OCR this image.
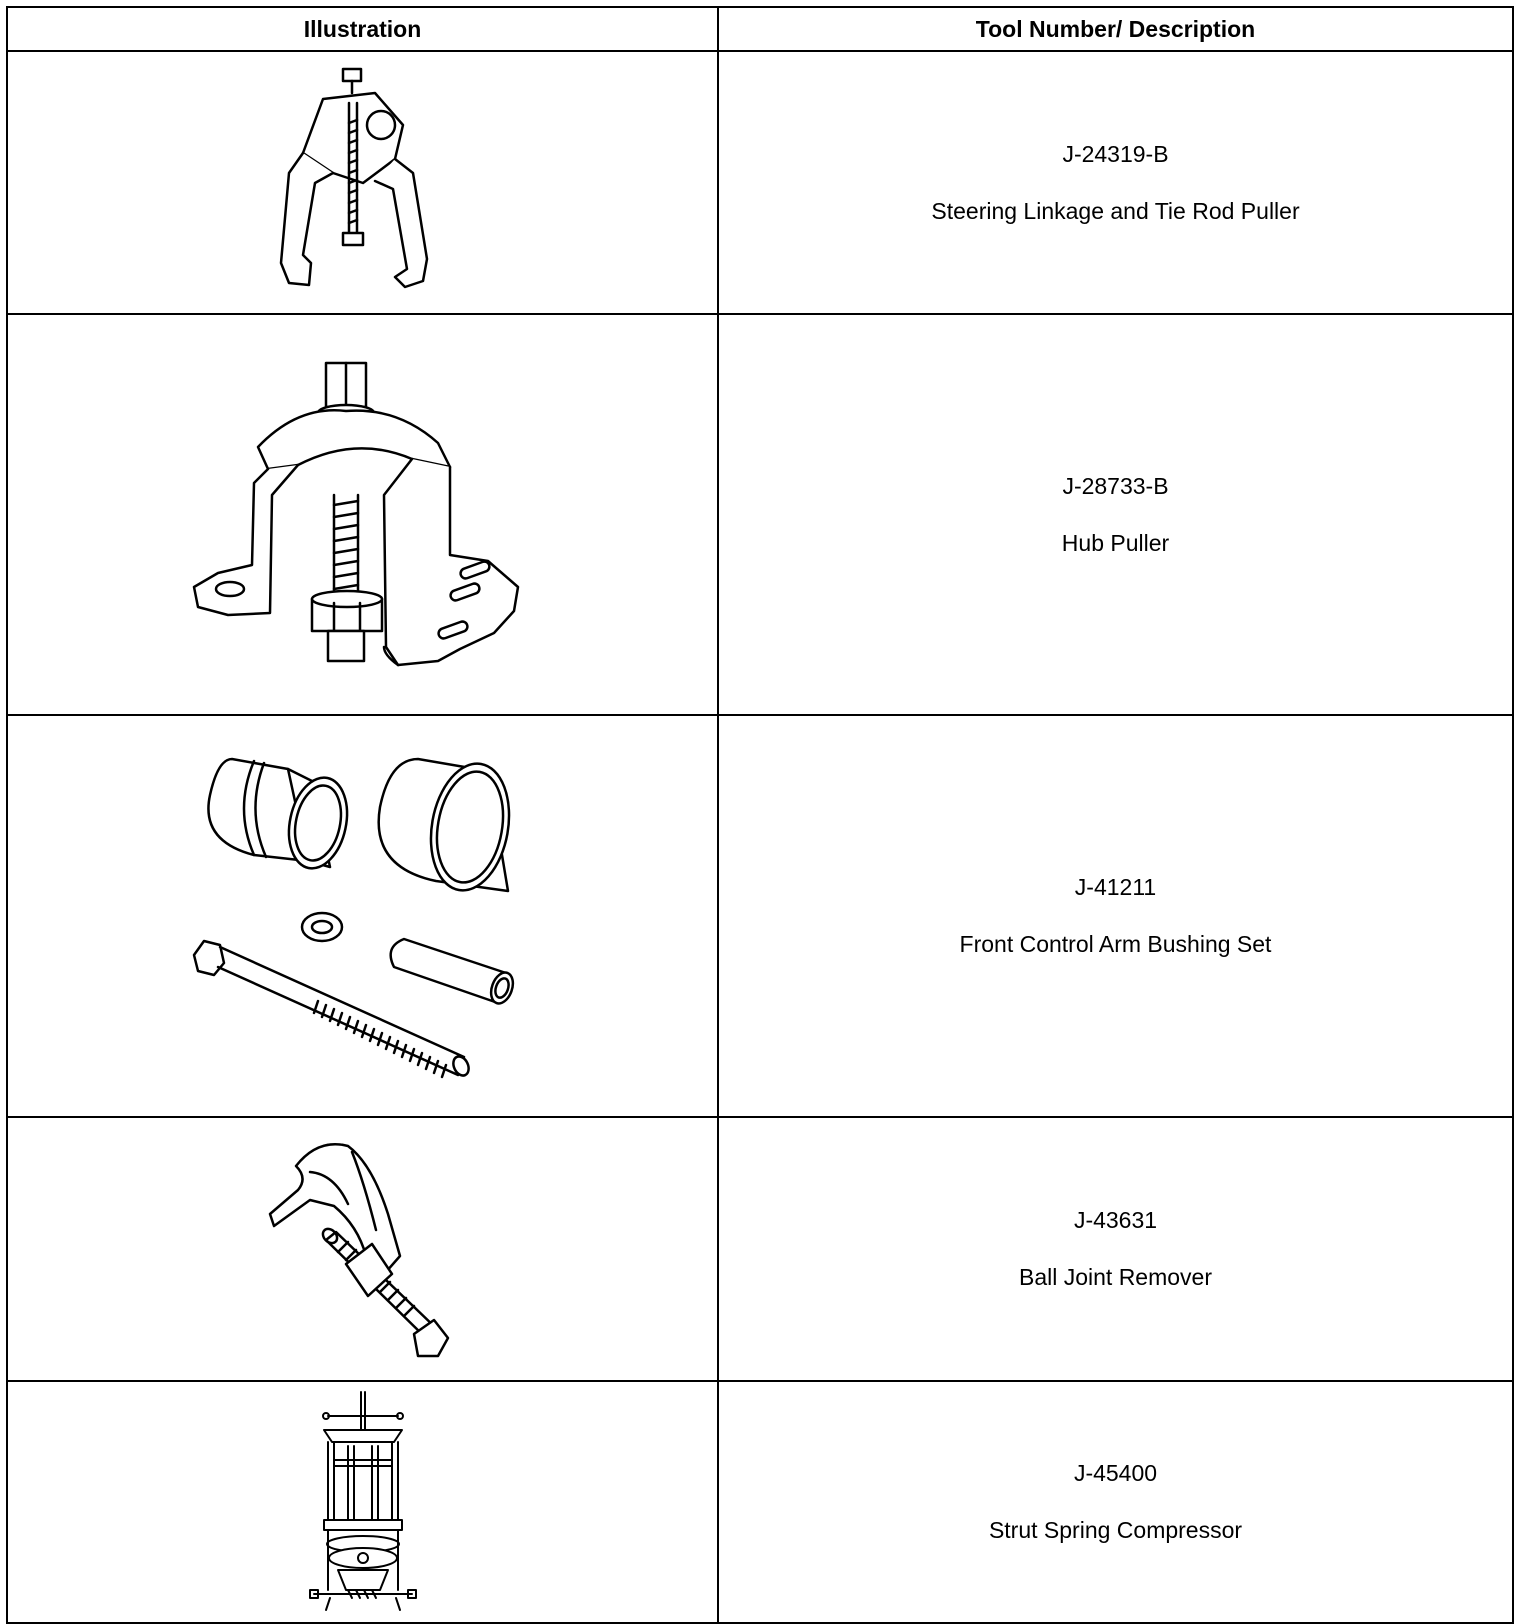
Illustration	Tool Number/ Description

J-24319-B
Steering Linkage and Tie Rod Puller

J-28733-B
Hub Puller

J-41211
Front Control Arm Bushing Set

J-43631
Ball Joint Remover

J-45400
Strut Spring Compressor
